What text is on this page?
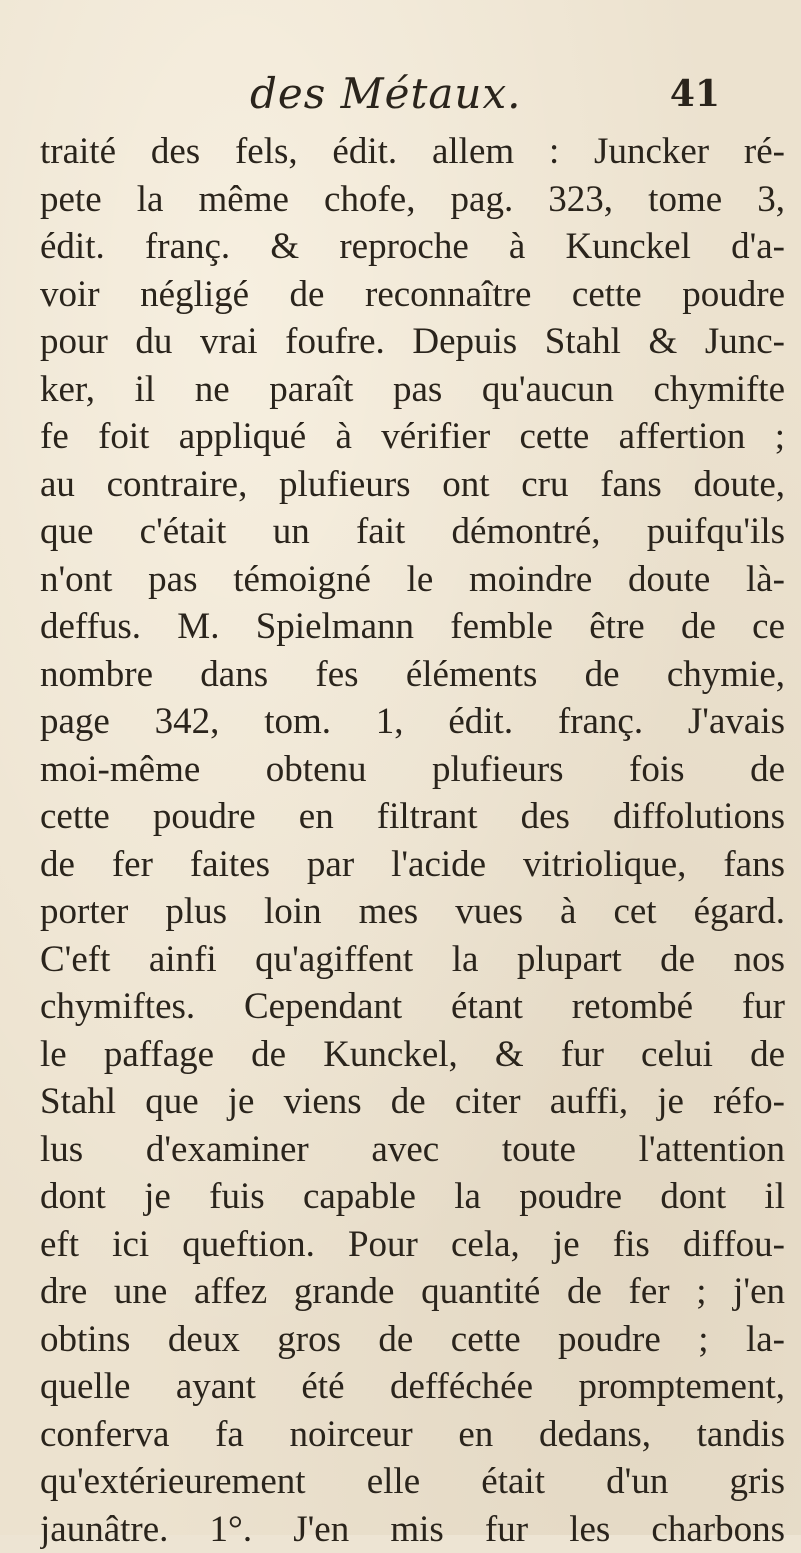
des Métaux.	41
traité des fels, édit. allem : Juncker ré-
pete la même chofe, pag. 323, tome 3,
édit. franç. & reproche à Kunckel d'a-
voir négligé de reconnaître cette poudre
pour du vrai foufre. Depuis Stahl & Junc-
ker, il ne paraît pas qu'aucun chymifte
fe foit appliqué à vérifier cette affertion ;
au contraire, plufieurs ont cru fans doute,
que c'était un fait démontré, puifqu'ils
n'ont pas témoigné le moindre doute là-
deffus. M. Spielmann femble être de ce
nombre dans fes éléments de chymie,
page 342, tom. 1, édit. franç. J'avais
moi-même obtenu plufieurs fois de
cette poudre en filtrant des diffolutions
de fer faites par l'acide vitriolique, fans
porter plus loin mes vues à cet égard.
C'eft ainfi qu'agiffent la plupart de nos
chymiftes. Cependant étant retombé fur
le paffage de Kunckel, & fur celui de
Stahl que je viens de citer auffi, je réfo-
lus d'examiner avec toute l'attention
dont je fuis capable la poudre dont il
eft ici queftion. Pour cela, je fis diffou-
dre une affez grande quantité de fer ; j'en
obtins deux gros de cette poudre ; la-
quelle ayant été defféchée promptement,
conferva fa noirceur en dedans, tandis
qu'extérieurement elle était d'un gris
jaunâtre. 1°. J'en mis fur les charbons
